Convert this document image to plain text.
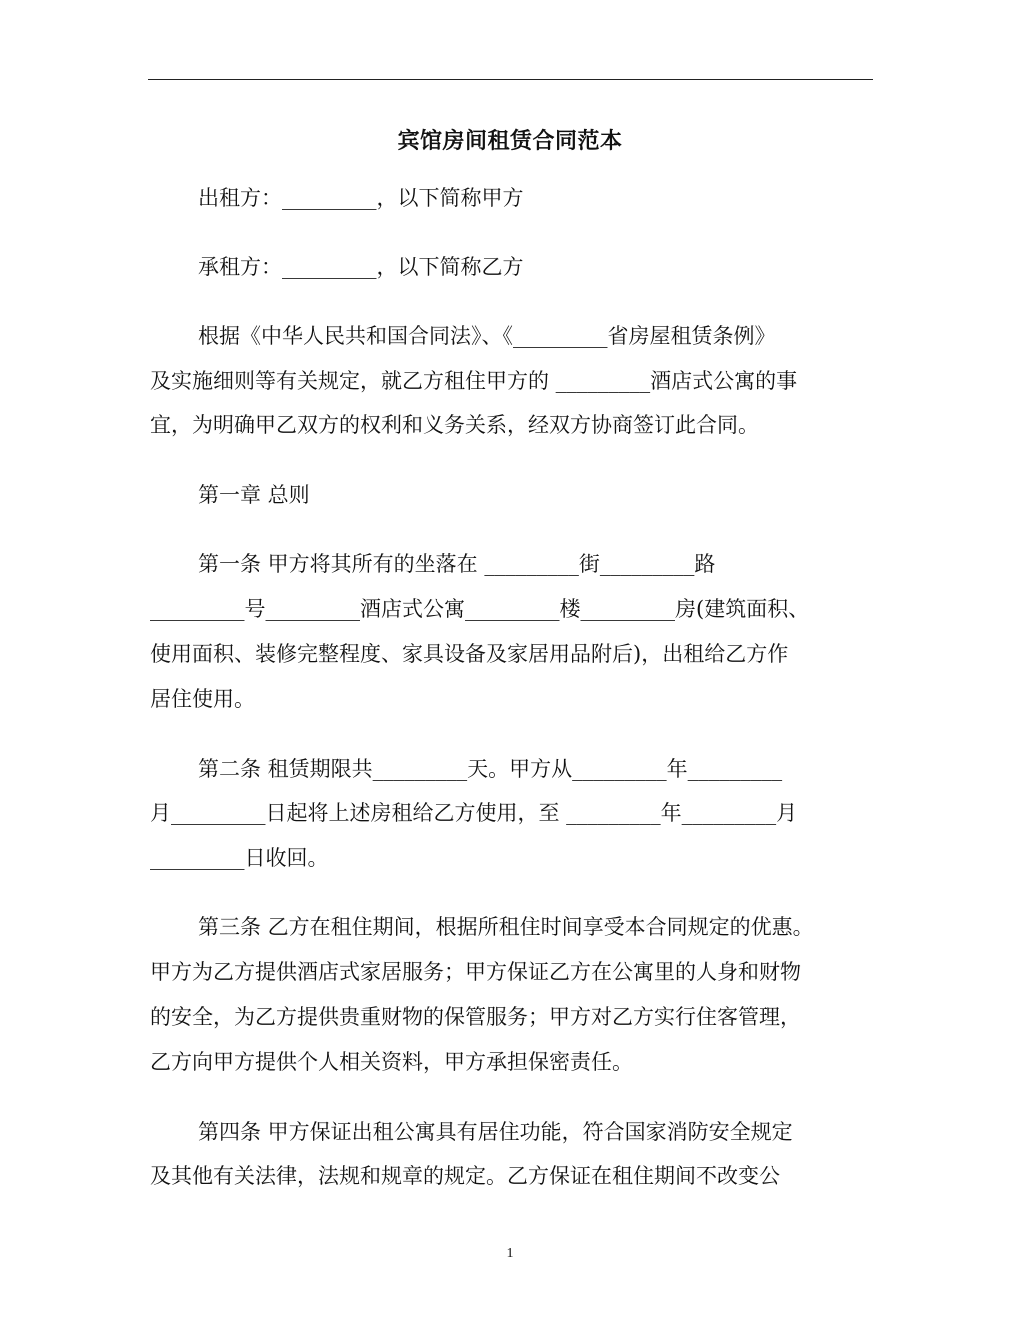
宾馆房间租赁合同范本
出租方：_________，以下简称甲方
承租方：_________，以下简称乙方
根据《中华人民共和国合同法》、《_________省房屋租赁条例》
及实施细则等有关规定，就乙方租住甲方的 _________酒店式公寓的事
宜，为明确甲乙双方的权利和义务关系，经双方协商签订此合同。
第一章 总则
第一条 甲方将其所有的坐落在 _________街_________路
_________号_________酒店式公寓_________楼_________房(建筑面积、
使用面积、装修完整程度、家具设备及家居用品附后)，出租给乙方作
居住使用。
第二条 租赁期限共_________天。甲方从_________年_________
月_________日起将上述房租给乙方使用，至 _________年_________月
_________日收回。
第三条 乙方在租住期间，根据所租住时间享受本合同规定的优惠。
甲方为乙方提供酒店式家居服务；甲方保证乙方在公寓里的人身和财物
的安全，为乙方提供贵重财物的保管服务；甲方对乙方实行住客管理，
乙方向甲方提供个人相关资料，甲方承担保密责任。
第四条 甲方保证出租公寓具有居住功能，符合国家消防安全规定
及其他有关法律，法规和规章的规定。乙方保证在租住期间不改变公
1
